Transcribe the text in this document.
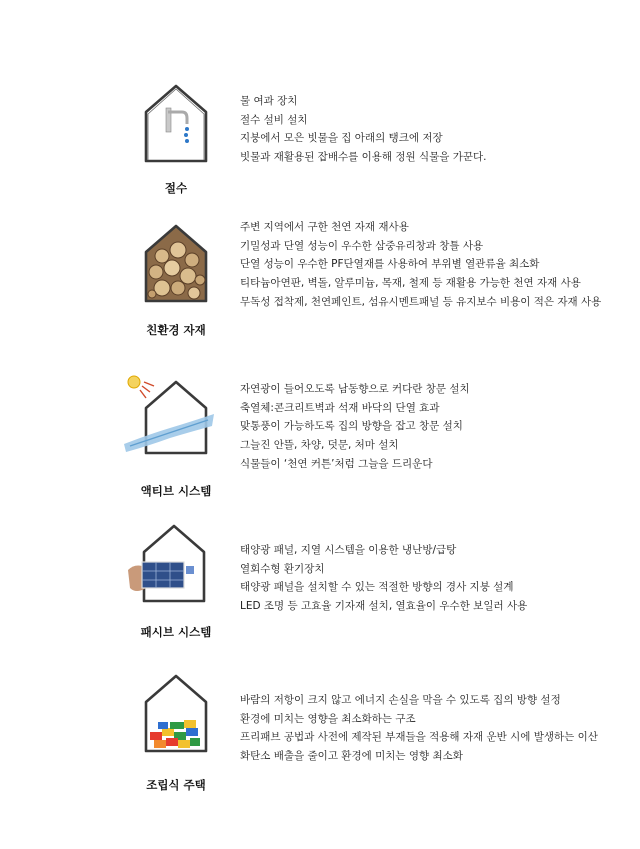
절수
물 여과 장치
절수 설비 설치
지붕에서 모은 빗물을 집 아래의 탱크에 저장
빗물과 재활용된 잡배수를 이용해 정원 식물을 가꾼다.
친환경 자재
주변 지역에서 구한 천연 자재 재사용
기밀성과 단열 성능이 우수한 삼중유리창과 창틀 사용
단열 성능이 우수한 PF단열재를 사용하여 부위별 열관류율 최소화
티타늄아연판, 벽돌, 알루미늄, 목재, 철제 등 재활용 가능한 천연 자재 사용
무독성 접착제, 천연페인트, 섬유시멘트패널 등 유지보수 비용이 적은 자재 사용
액티브 시스템
자연광이 들어오도록 남동향으로 커다란 창문 설치
축열체:콘크리트벽과 석재 바닥의 단열 효과
맞통풍이 가능하도록 집의 방향을 잡고 창문 설치
그늘진 안뜰, 차양, 덧문, 처마 설치
식물들이 ‘천연 커튼’처럼 그늘을 드리운다
패시브 시스템
태양광 패널, 지열 시스템을 이용한 냉난방/급탕
열회수형 환기장치
태양광 패널을 설치할 수 있는 적절한 방향의 경사 지붕 설계
LED 조명 등 고효율 기자재 설치, 열효율이 우수한 보일러 사용
조립식 주택
바람의 저항이 크지 않고 에너지 손실을 막을 수 있도록 집의 방향 설정
환경에 미치는 영향을 최소화하는 구조
프리패브 공법과 사전에 제작된 부재들을 적용해 자재 운반 시에 발생하는 이산
화탄소 배출을 줄이고 환경에 미치는 영향 최소화
